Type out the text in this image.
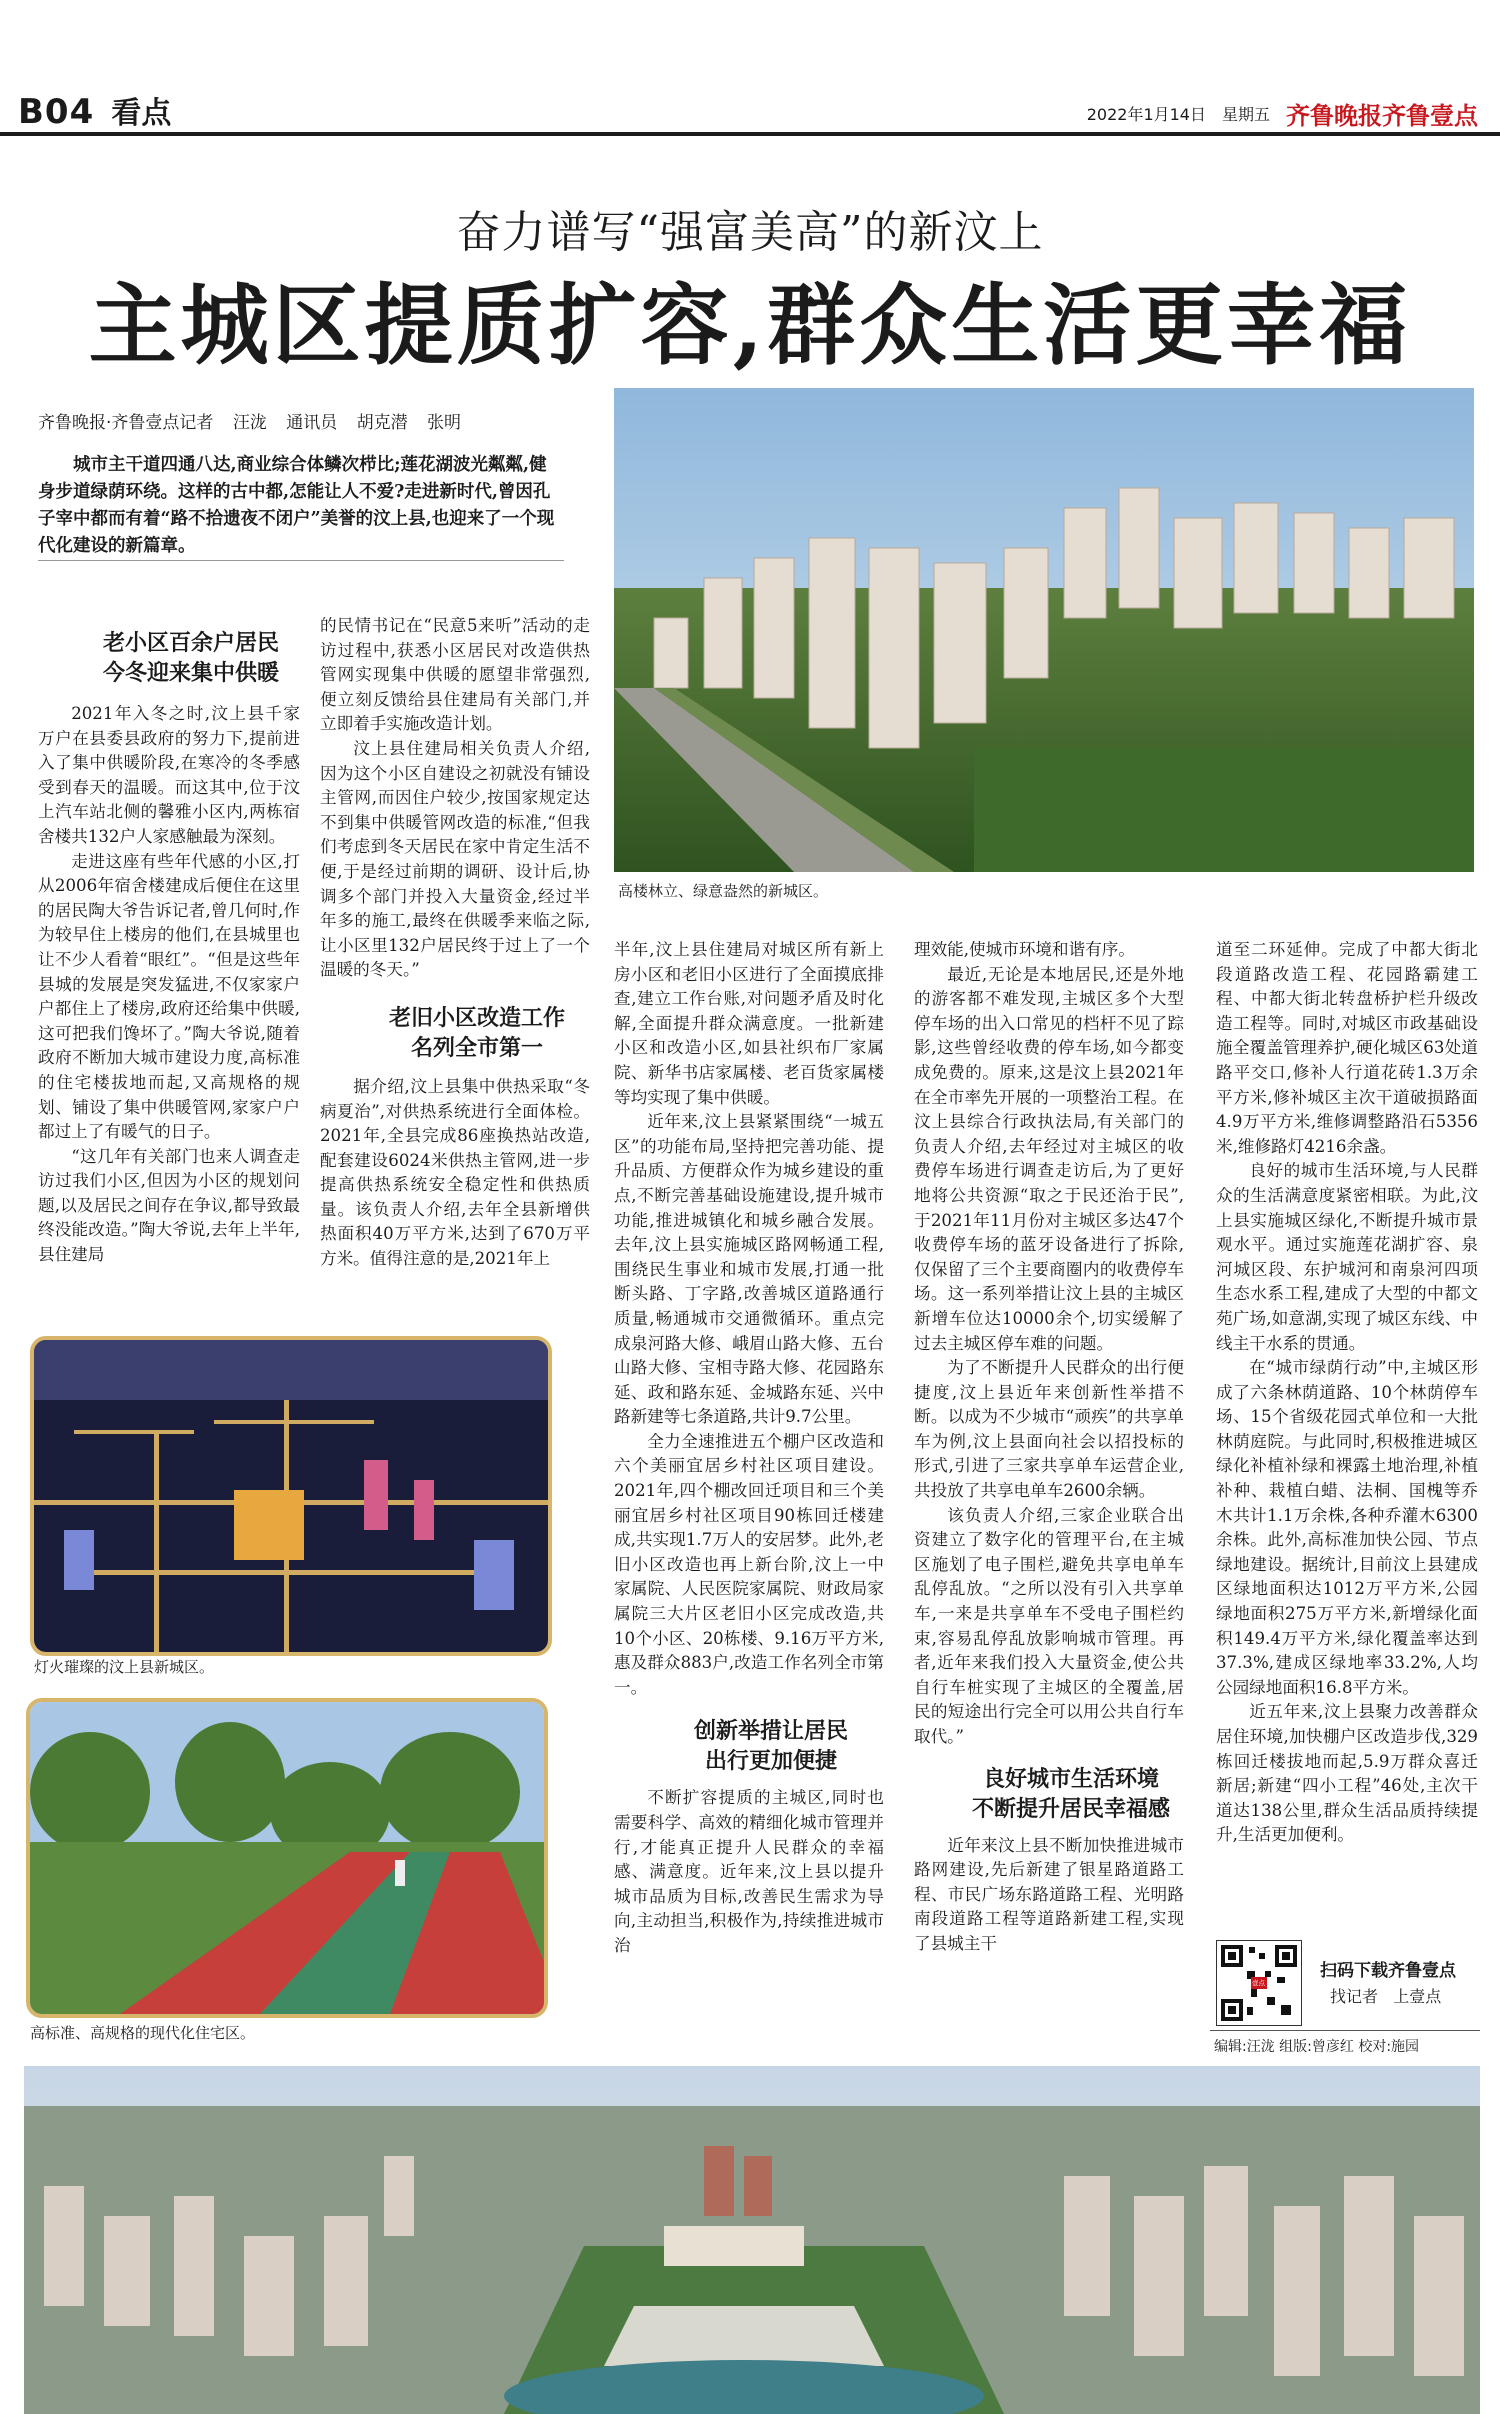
B04 看点	2022年1月14日 星期五 齐鲁晚报齐鲁壹点
奋力谱写“强富美高”的新汶上
主城区提质扩容,群众生活更幸福
齐鲁晚报·齐鲁壹点记者 汪泷 通讯员 胡克潜 张明
城市主干道四通八达,商业综合体鳞次栉比;莲花湖波光粼粼,健身步道绿荫环绕。这样的古中都,怎能让人不爱?走进新时代,曾因孔子宰中都而有着“路不拾遗夜不闭户”美誉的汶上县,也迎来了一个现代化建设的新篇章。
高楼林立、绿意盎然的新城区。

老小区百余户居民

今冬迎来集中供暖

2021年入冬之时,汶上县千家万户在县委县政府的努力下,提前进入了集中供暖阶段,在寒冷的冬季感受到春天的温暖。而这其中,位于汶上汽车站北侧的馨雅小区内,两栋宿舍楼共132户人家感触最为深刻。

走进这座有些年代感的小区,打从2006年宿舍楼建成后便住在这里的居民陶大爷告诉记者,曾几何时,作为较早住上楼房的他们,在县城里也让不少人看着“眼红”。“但是这些年县城的发展是突发猛进,不仅家家户户都住上了楼房,政府还给集中供暖,这可把我们馋坏了。”陶大爷说,随着政府不断加大城市建设力度,高标准的住宅楼拔地而起,又高规格的规划、铺设了集中供暖管网,家家户户都过上了有暖气的日子。

“这几年有关部门也来人调查走访过我们小区,但因为小区的规划问题,以及居民之间存在争议,都导致最终没能改造。”陶大爷说,去年上半年,县住建局

的民情书记在“民意5来听”活动的走访过程中,获悉小区居民对改造供热管网实现集中供暖的愿望非常强烈,便立刻反馈给县住建局有关部门,并立即着手实施改造计划。

汶上县住建局相关负责人介绍,因为这个小区自建设之初就没有铺设主管网,而因住户较少,按国家规定达不到集中供暖管网改造的标准,“但我们考虑到冬天居民在家中肯定生活不便,于是经过前期的调研、设计后,协调多个部门并投入大量资金,经过半年多的施工,最终在供暖季来临之际,让小区里132户居民终于过上了一个温暖的冬天。”

老旧小区改造工作

名列全市第一

据介绍,汶上县集中供热采取“冬病夏治”,对供热系统进行全面体检。2021年,全县完成86座换热站改造,配套建设6024米供热主管网,进一步提高供热系统安全稳定性和供热质量。该负责人介绍,去年全县新增供热面积40万平方米,达到了670万平方米。值得注意的是,2021年上

灯火璀璨的汶上县新城区。
高标准、高规格的现代化住宅区。

半年,汶上县住建局对城区所有新上房小区和老旧小区进行了全面摸底排查,建立工作台账,对问题矛盾及时化解,全面提升群众满意度。一批新建小区和改造小区,如县社织布厂家属院、新华书店家属楼、老百货家属楼等均实现了集中供暖。

近年来,汶上县紧紧围绕“一城五区”的功能布局,坚持把完善功能、提升品质、方便群众作为城乡建设的重点,不断完善基础设施建设,提升城市功能,推进城镇化和城乡融合发展。去年,汶上县实施城区路网畅通工程,围绕民生事业和城市发展,打通一批断头路、丁字路,改善城区道路通行质量,畅通城市交通微循环。重点完成泉河路大修、峨眉山路大修、五台山路大修、宝相寺路大修、花园路东延、政和路东延、金城路东延、兴中路新建等七条道路,共计9.7公里。

全力全速推进五个棚户区改造和六个美丽宜居乡村社区项目建设。2021年,四个棚改回迁项目和三个美丽宜居乡村社区项目90栋回迁楼建成,共实现1.7万人的安居梦。此外,老旧小区改造也再上新台阶,汶上一中家属院、人民医院家属院、财政局家属院三大片区老旧小区完成改造,共10个小区、20栋楼、9.16万平方米,惠及群众883户,改造工作名列全市第一。

创新举措让居民

出行更加便捷

不断扩容提质的主城区,同时也需要科学、高效的精细化城市管理并行,才能真正提升人民群众的幸福感、满意度。近年来,汶上县以提升城市品质为目标,改善民生需求为导向,主动担当,积极作为,持续推进城市治

理效能,使城市环境和谐有序。

最近,无论是本地居民,还是外地的游客都不难发现,主城区多个大型停车场的出入口常见的档杆不见了踪影,这些曾经收费的停车场,如今都变成免费的。原来,这是汶上县2021年在全市率先开展的一项整治工程。在汶上县综合行政执法局,有关部门的负责人介绍,去年经过对主城区的收费停车场进行调查走访后,为了更好地将公共资源“取之于民还治于民”,于2021年11月份对主城区多达47个收费停车场的蓝牙设备进行了拆除,仅保留了三个主要商圈内的收费停车场。这一系列举措让汶上县的主城区新增车位达10000余个,切实缓解了过去主城区停车难的问题。

为了不断提升人民群众的出行便捷度,汶上县近年来创新性举措不断。以成为不少城市“顽疾”的共享单车为例,汶上县面向社会以招投标的形式,引进了三家共享单车运营企业,共投放了共享电单车2600余辆。

该负责人介绍,三家企业联合出资建立了数字化的管理平台,在主城区施划了电子围栏,避免共享电单车乱停乱放。“之所以没有引入共享单车,一来是共享单车不受电子围栏约束,容易乱停乱放影响城市管理。再者,近年来我们投入大量资金,使公共自行车桩实现了主城区的全覆盖,居民的短途出行完全可以用公共自行车取代。”

良好城市生活环境

不断提升居民幸福感

近年来汶上县不断加快推进城市路网建设,先后新建了银星路道路工程、市民广场东路道路工程、光明路南段道路工程等道路新建工程,实现了县城主干

道至二环延伸。完成了中都大街北段道路改造工程、花园路霸建工程、中都大街北转盘桥护栏升级改造工程等。同时,对城区市政基础设施全覆盖管理养护,硬化城区63处道路平交口,修补人行道花砖1.3万余平方米,修补城区主次干道破损路面4.9万平方米,维修调整路沿石5356米,维修路灯4216余盏。

良好的城市生活环境,与人民群众的生活满意度紧密相联。为此,汶上县实施城区绿化,不断提升城市景观水平。通过实施莲花湖扩容、泉河城区段、东护城河和南泉河四项生态水系工程,建成了大型的中都文苑广场,如意湖,实现了城区东线、中线主干水系的贯通。

在“城市绿荫行动”中,主城区形成了六条林荫道路、10个林荫停车场、15个省级花园式单位和一大批林荫庭院。与此同时,积极推进城区绿化补植补绿和裸露土地治理,补植补种、栽植白蜡、法桐、国槐等乔木共计1.1万余株,各种乔灌木6300余株。此外,高标准加快公园、节点绿地建设。据统计,目前汶上县建成区绿地面积达1012万平方米,公园绿地面积275万平方米,新增绿化面积149.4万平方米,绿化覆盖率达到37.3%,建成区绿地率33.2%,人均公园绿地面积16.8平方米。

近五年来,汶上县聚力改善群众居住环境,加快棚户区改造步伐,329栋回迁楼拔地而起,5.9万群众喜迁新居;新建“四小工程”46处,主次干道达138公里,群众生活品质持续提升,生活更加便利。

壹点
扫码下载齐鲁壹点
找记者   上壹点
编辑:汪泷 组版:曾彦红 校对:施园
